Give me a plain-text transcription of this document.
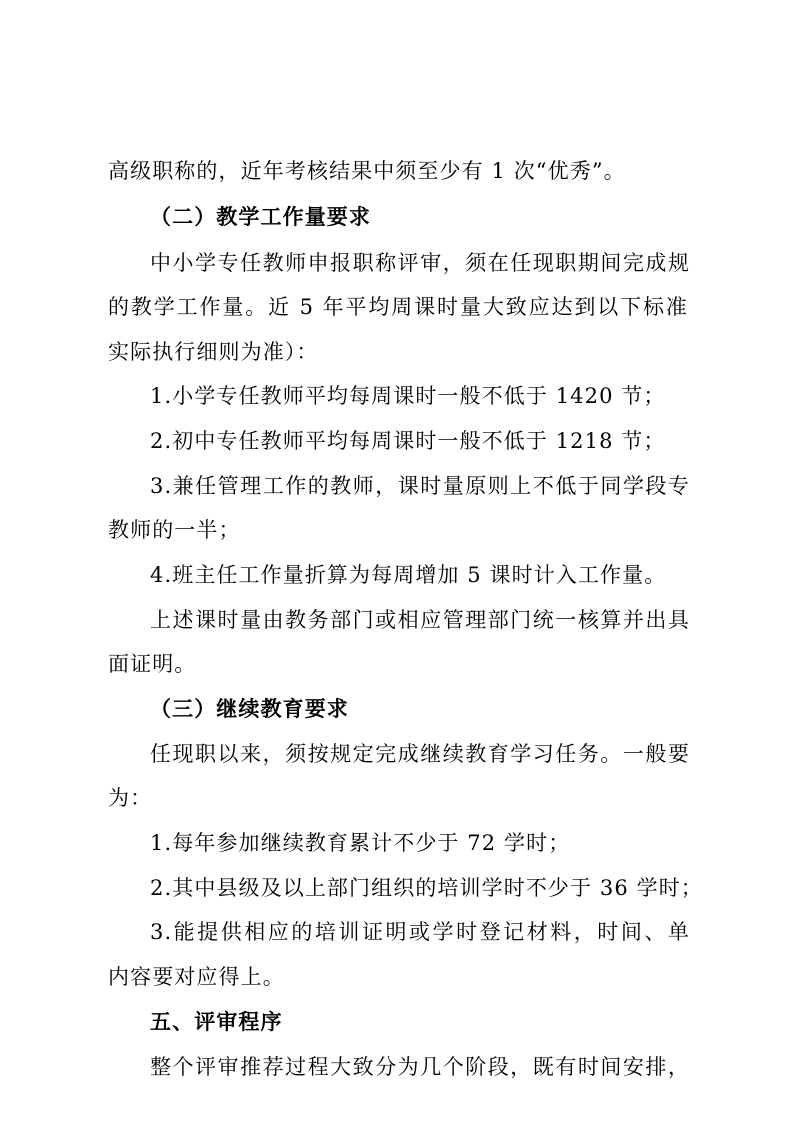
高级职称的，近年考核结果中须至少有 1 次“优秀”。
（二）教学工作量要求
中小学专任教师申报职称评审，须在任现职期间完成规
的教学工作量。近 5 年平均周课时量大致应达到以下标准
实际执行细则为准）：
1.小学专任教师平均每周课时一般不低于 1420 节；
2.初中专任教师平均每周课时一般不低于 1218 节；
3.兼任管理工作的教师，课时量原则上不低于同学段专
教师的一半；
4.班主任工作量折算为每周增加 5 课时计入工作量。
上述课时量由教务部门或相应管理部门统一核算并出具
面证明。
（三）继续教育要求
任现职以来，须按规定完成继续教育学习任务。一般要
为：
1.每年参加继续教育累计不少于 72 学时；
2.其中县级及以上部门组织的培训学时不少于 36 学时；
3.能提供相应的培训证明或学时登记材料，时间、单
内容要对应得上。
五、评审程序
整个评审推荐过程大致分为几个阶段，既有时间安排，
